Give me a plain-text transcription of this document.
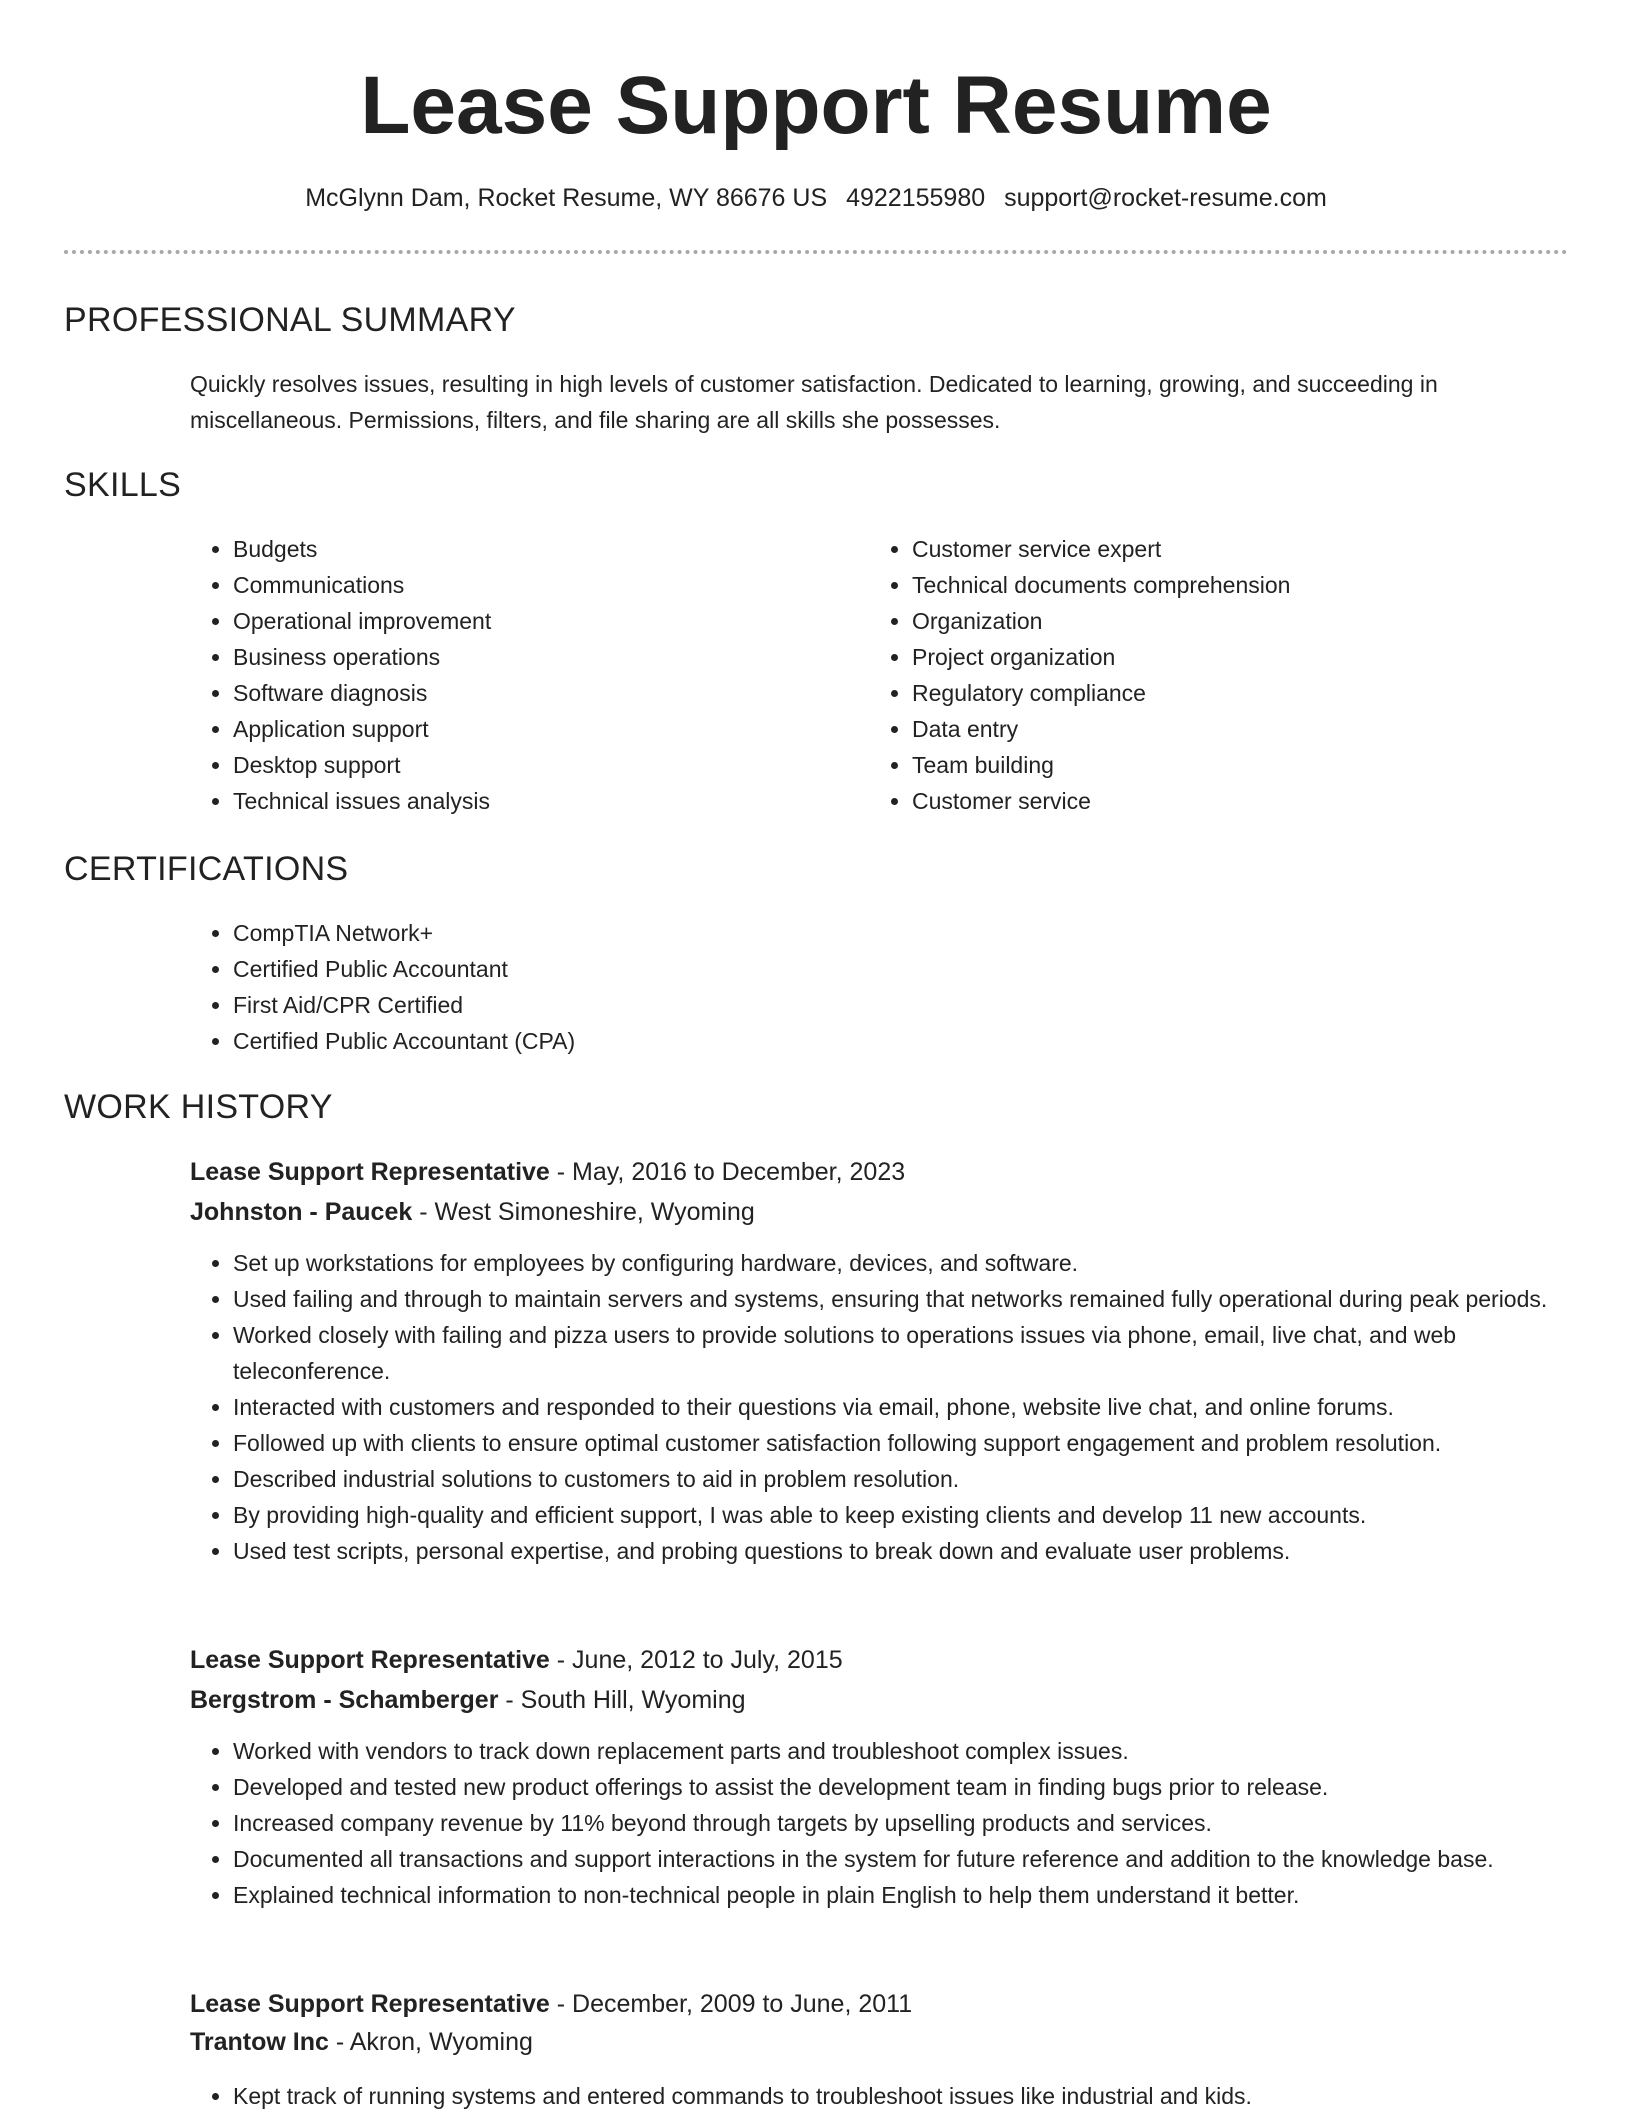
Lease Support Resume
McGlynn Dam, Rocket Resume, WY 86676 US 4922155980 support@rocket-resume.com
PROFESSIONAL SUMMARY

Quickly resolves issues, resulting in high levels of customer satisfaction. Dedicated to learning, growing, and succeeding in miscellaneous. Permissions, filters, and file sharing are all skills she possesses.

SKILLS
• Budgets
• Communications
• Operational improvement
• Business operations
• Software diagnosis
• Application support
• Desktop support
• Technical issues analysis
• Customer service expert
• Technical documents comprehension
• Organization
• Project organization
• Regulatory compliance
• Data entry
• Team building
• Customer service
CERTIFICATIONS
• CompTIA Network+
• Certified Public Accountant
• First Aid/CPR Certified
• Certified Public Accountant (CPA)
WORK HISTORY
Lease Support Representative - May, 2016 to December, 2023
Johnston - Paucek - West Simoneshire, Wyoming
• Set up workstations for employees by configuring hardware, devices, and software.
• Used failing and through to maintain servers and systems, ensuring that networks remained fully operational during peak periods.
• Worked closely with failing and pizza users to provide solutions to operations issues via phone, email, live chat, and web teleconference.
• Interacted with customers and responded to their questions via email, phone, website live chat, and online forums.
• Followed up with clients to ensure optimal customer satisfaction following support engagement and problem resolution.
• Described industrial solutions to customers to aid in problem resolution.
• By providing high-quality and efficient support, I was able to keep existing clients and develop 11 new accounts.
• Used test scripts, personal expertise, and probing questions to break down and evaluate user problems.
Lease Support Representative - June, 2012 to July, 2015
Bergstrom - Schamberger - South Hill, Wyoming
• Worked with vendors to track down replacement parts and troubleshoot complex issues.
• Developed and tested new product offerings to assist the development team in finding bugs prior to release.
• Increased company revenue by 11% beyond through targets by upselling products and services.
• Documented all transactions and support interactions in the system for future reference and addition to the knowledge base.
• Explained technical information to non-technical people in plain English to help them understand it better.
Lease Support Representative - December, 2009 to June, 2011
Trantow Inc - Akron, Wyoming
• Kept track of running systems and entered commands to troubleshoot issues like industrial and kids.
